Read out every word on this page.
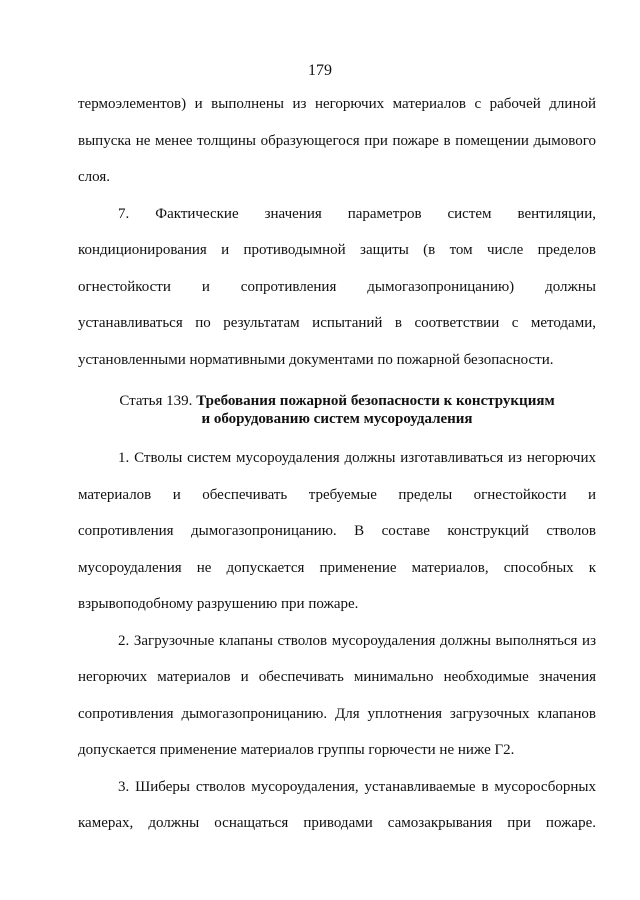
179

термоэлементов) и выполнены из негорючих материалов с рабочей длиной
выпуска не менее толщины образующегося при пожаре в помещении дымового
слоя.

7. Фактические значения параметров систем вентиляции,
кондиционирования и противодымной защиты (в том числе пределов
огнестойкости и сопротивления дымогазопроницанию) должны
устанавливаться по результатам испытаний в соответствии с методами,
установленными нормативными документами по пожарной безопасности.

Статья 139. Требования пожарной безопасности к конструкциям
и оборудованию систем мусороудаления

1. Стволы систем мусороудаления должны изготавливаться из негорючих
материалов и обеспечивать требуемые пределы огнестойкости и
сопротивления дымогазопроницанию. В составе конструкций стволов
мусороудаления не допускается применение материалов, способных к
взрывоподобному разрушению при пожаре.

2. Загрузочные клапаны стволов мусороудаления должны выполняться из
негорючих материалов и обеспечивать минимально необходимые значения
сопротивления дымогазопроницанию. Для уплотнения загрузочных клапанов
допускается применение материалов группы горючести не ниже Г2.

3. Шиберы стволов мусороудаления, устанавливаемые в мусоросборных
камерах, должны оснащаться приводами самозакрывания при пожаре.
